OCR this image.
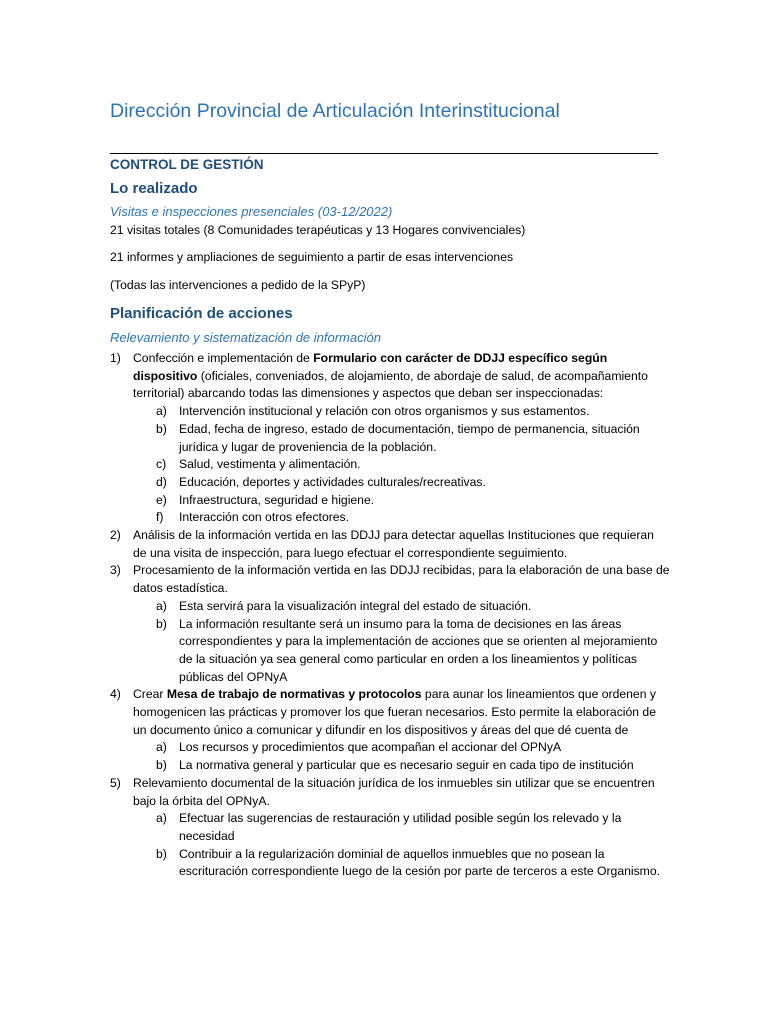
Dirección Provincial de Articulación Interinstitucional
CONTROL DE GESTIÓN
Lo realizado

Visitas e inspecciones presenciales (03-12/2022)

21 visitas totales (8 Comunidades terapéuticas y 13 Hogares convivenciales)

21 informes y ampliaciones de seguimiento a partir de esas intervenciones

(Todas las intervenciones a pedido de la SPyP)

Planificación de acciones

Relevamiento y sistematización de información

1) Confección e implementación de Formulario con carácter de DDJJ específico según dispositivo (oficiales, conveniados, de alojamiento, de abordaje de salud, de acompañamiento territorial) abarcando todas las dimensiones y aspectos que deban ser inspeccionadas:
a) Intervención institucional y relación con otros organismos y sus estamentos.
b) Edad, fecha de ingreso, estado de documentación, tiempo de permanencia, situación jurídica y lugar de proveniencia de la población.
c) Salud, vestimenta y alimentación.
d) Educación, deportes y actividades culturales/recreativas.
e) Infraestructura, seguridad e higiene.
f) Interacción con otros efectores.
2) Análisis de la información vertida en las DDJJ para detectar aquellas Instituciones que requieran de una visita de inspección, para luego efectuar el correspondiente seguimiento.
3) Procesamiento de la información vertida en las DDJJ recibidas, para la elaboración de una base de datos estadística.
a) Esta servirá para la visualización integral del estado de situación.
b) La información resultante será un insumo para la toma de decisiones en las áreas correspondientes y para la implementación de acciones que se orienten al mejoramiento de la situación ya sea general como particular en orden a los lineamientos y políticas públicas del OPNyA
4) Crear Mesa de trabajo de normativas y protocolos para aunar los lineamientos que ordenen y homogenicen las prácticas y promover los que fueran necesarios. Esto permite la elaboración de un documento único a comunicar y difundir en los dispositivos y áreas del que dé cuenta de
a) Los recursos y procedimientos que acompañan el accionar del OPNyA
b) La normativa general y particular que es necesario seguir en cada tipo de institución
5) Relevamiento documental de la situación jurídica de los inmuebles sin utilizar que se encuentren bajo la órbita del OPNyA.
a) Efectuar las sugerencias de restauración y utilidad posible según los relevado y la necesidad
b) Contribuir a la regularización dominial de aquellos inmuebles que no posean la escrituración correspondiente luego de la cesión por parte de terceros a este Organismo.
